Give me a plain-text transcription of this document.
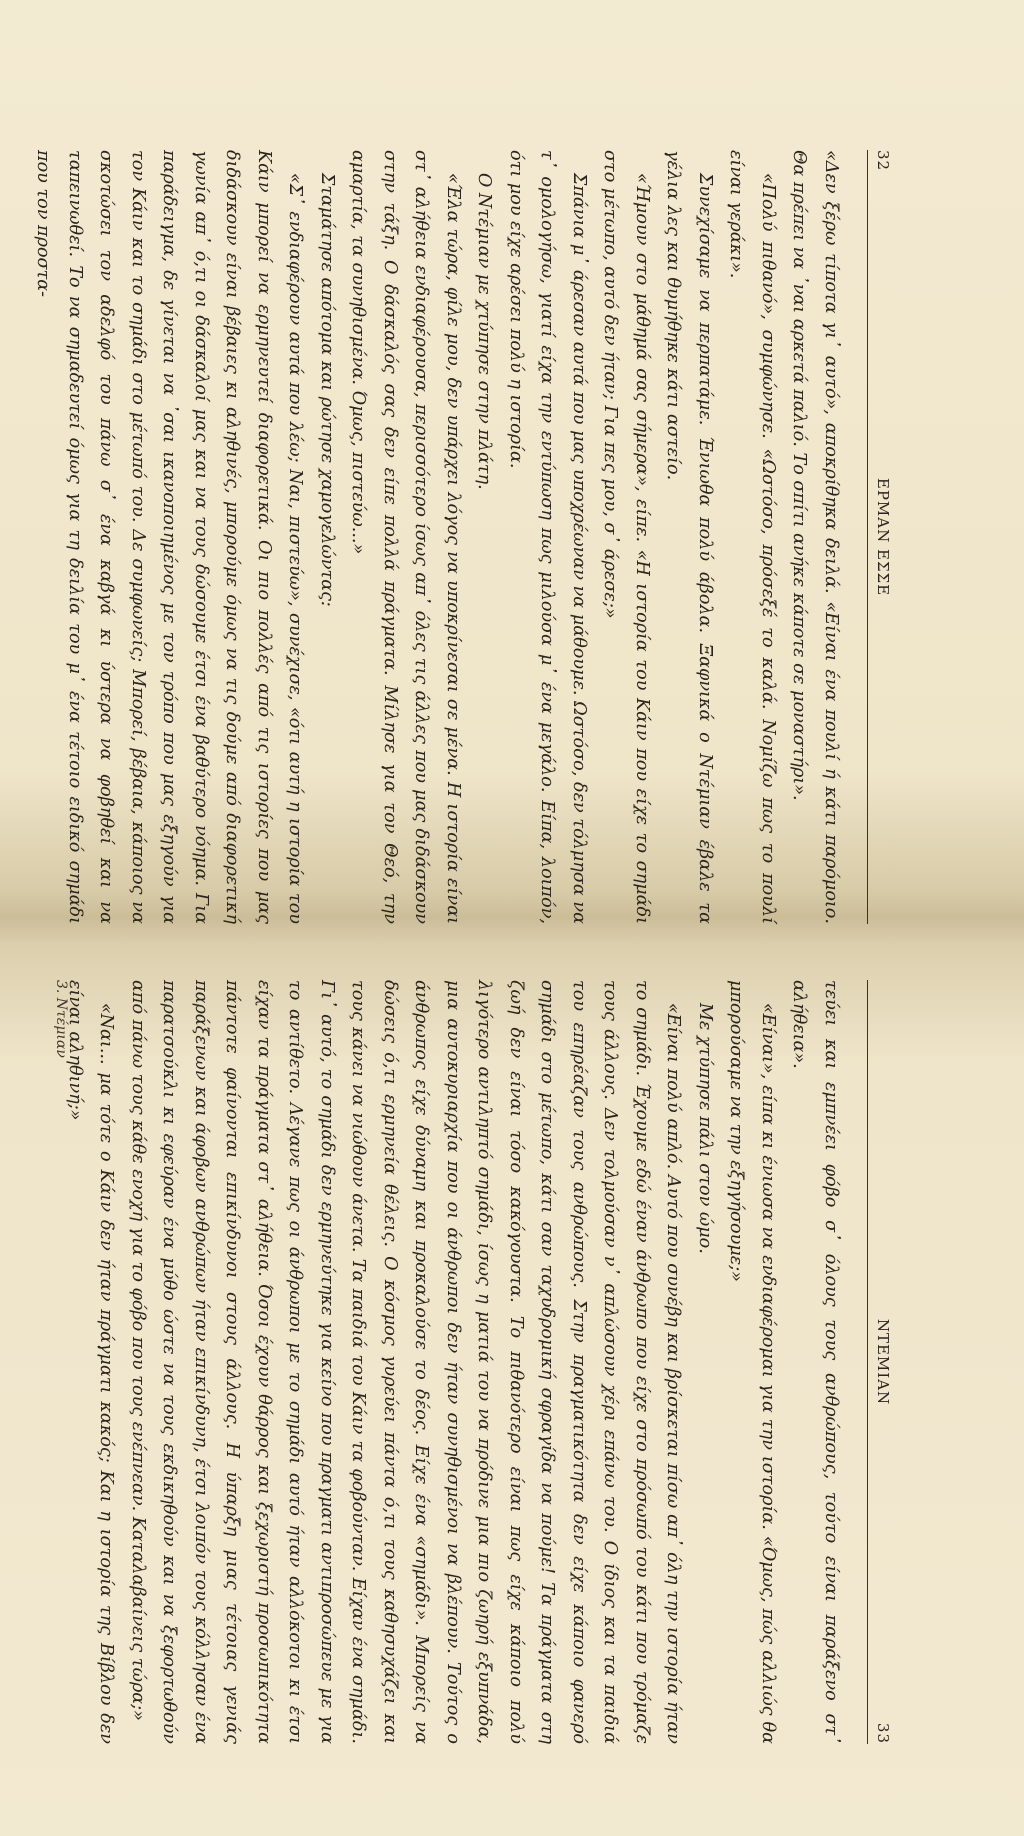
32
ΕΡΜΑΝ ΕΣΣΕ

«Δεν ξέρω τίποτα γι᾿ αυτό», αποκρίθηκα δειλά. «Είναι ένα πουλί ή κάτι παρόμοιο. Θα πρέπει να ᾿ναι αρκετά παλιό. Το σπίτι ανήκε κάποτε σε μοναστήρι».

«Πολύ πιθανό», συμφώνησε. «Ωστόσο, πρόσεξέ το καλά. Νομίζω πως το πουλί είναι γεράκι».

Συνεχίσαμε να περπατάμε. Ένιωθα πολύ άβολα. Ξαφνικά ο Ντέμιαν έβαλε τα γέλια λες και θυμήθηκε κάτι αστείο.

«Ήμουν στο μάθημά σας σήμερα», είπε. «Η ιστορία του Κάιν που είχε το σημάδι στο μέτωπο, αυτό δεν ήταν; Για πες μου, σ᾿ άρεσε;»

Σπάνια μ᾿ άρεσαν αυτά που μας υποχρέωναν να μάθουμε. Ωστόσο, δεν τόλμησα να τ᾿ ομολογήσω, γιατί είχα την εντύπωση πως μιλούσα μ᾿ ένα μεγάλο. Είπα, λοιπόν, ότι μου είχε αρέσει πολύ η ιστορία.

Ο Ντέμιαν με χτύπησε στην πλάτη.

«Έλα τώρα, φίλε μου, δεν υπάρχει λόγος να υποκρίνεσαι σε μένα. Η ιστορία είναι στ᾿ αλήθεια ενδιαφέρουσα, περισσότερο ίσως απ᾿ όλες τις άλλες που μας διδάσκουν στην τάξη. Ο δάσκαλός σας δεν είπε πολλά πράγματα. Μίλησε για τον Θεό, την αμαρτία, τα συνηθισμένα. Όμως, πιστεύω...»

Σταμάτησε απότομα και ρώτησε χαμογελώντας:

«Σ᾿ ενδιαφέρουν αυτά που λέω; Ναι, πιστεύω», συνέχισε, «ότι αυτή η ιστορία του Κάιν μπορεί να ερμηνευτεί διαφορετικά. Οι πιο πολλές από τις ιστορίες που μας διδάσκουν είναι βέβαιες κι αληθινές, μπορούμε όμως να τις δούμε από διαφορετική γωνία απ᾿ ό,τι οι δάσκαλοί μας και να τους δώσουμε έτσι ένα βαθύτερο νόημα. Για παράδειγμα, δε γίνεται να ᾿σαι ικανοποιημένος με τον τρόπο που μας εξηγούν για τον Κάιν και το σημάδι στο μέτωπό του. Δε συμφωνείς; Μπορεί, βέβαια, κάποιος να σκοτώσει τον αδελφό του πάνω σ᾿ ένα καβγά κι ύστερα να φοβηθεί και να ταπεινωθεί. Το να σημαδευτεί όμως για τη δειλία του μ᾿ ένα τέτοιο ειδικό σημάδι που τον προστα-

ΝΤΕΜΙΑΝ
33

τεύει και εμπνέει φόβο σ᾿ όλους τους ανθρώπους, τούτο είναι παράξενο στ᾿ αλήθεια».

«Είναι», είπα κι ένιωσα να ενδιαφέρομαι για την ιστορία. «Όμως, πώς αλλιώς θα μπορούσαμε να την εξηγήσουμε;»

Με χτύπησε πάλι στον ώμο.

«Είναι πολύ απλό. Αυτό που συνέβη και βρίσκεται πίσω απ᾿ όλη την ιστορία ήταν το σημάδι. Έχουμε εδώ έναν άνθρωπο που είχε στο πρόσωπό του κάτι που τρόμαζε τους άλλους. Δεν τολμούσαν ν᾿ απλώσουν χέρι επάνω του. Ο ίδιος και τα παιδιά του επηρέαζαν τους ανθρώπους. Στην πραγματικότητα δεν είχε κάποιο φανερό σημάδι στο μέτωπο, κάτι σαν ταχυδρομική σφραγίδα να πούμε! Τα πράγματα στη ζωή δεν είναι τόσο κακόγουστα. Το πιθανότερο είναι πως είχε κάποιο πολύ λιγότερο αντιληπτό σημάδι, ίσως η ματιά του να πρόδινε μια πιο ζωηρή εξυπνάδα, μια αυτοκυριαρχία που οι άνθρωποι δεν ήταν συνηθισμένοι να βλέπουν. Τούτος ο άνθρωπος είχε δύναμη και προκαλούσε το δέος. Είχε ένα «σημάδι». Μπορείς να δώσεις ό,τι ερμηνεία θέλεις. Ο κόσμος γυρεύει πάντα ό,τι τους καθησυχάζει και τους κάνει να νιώθουν άνετα. Τα παιδιά του Κάιν τα φοβούνταν. Είχαν ένα σημάδι. Γι᾿ αυτό, το σημάδι δεν ερμηνεύτηκε για κείνο που πραγματι αντιπροσώπευε με για το αντίθετο. Λέγανε πως οι άνθρωποι με το σημάδι αυτό ήταν αλλόκοτοι κι έτσι είχαν τα πράγματα στ᾿ αλήθεια. Όσοι έχουν θάρρος και ξεχωριστή προσωπικότητα πάντοτε φαίνονται επικίνδυνοι στους άλλους. Η ύπαρξη μιας τέτοιας γενιάς παράξενων και άφοβων ανθρώπων ήταν επικίνδυνη, έτσι λοιπόν τους κόλλησαν ένα παρατσούκλι κι εφεύραν ένα μύθο ώστε να τους εκδικηθούν και να ξεφορτωθούν από πάνω τους κάθε ενοχή για το φόβο που τους ενέπνεαν. Καταλαβαίνεις τώρα;»

«Ναι... μα τότε ο Κάιν δεν ήταν πράγματι κακός; Και η ιστορία της Βίβλου δεν είναι αληθινή;»

3. Ντέμιαν
